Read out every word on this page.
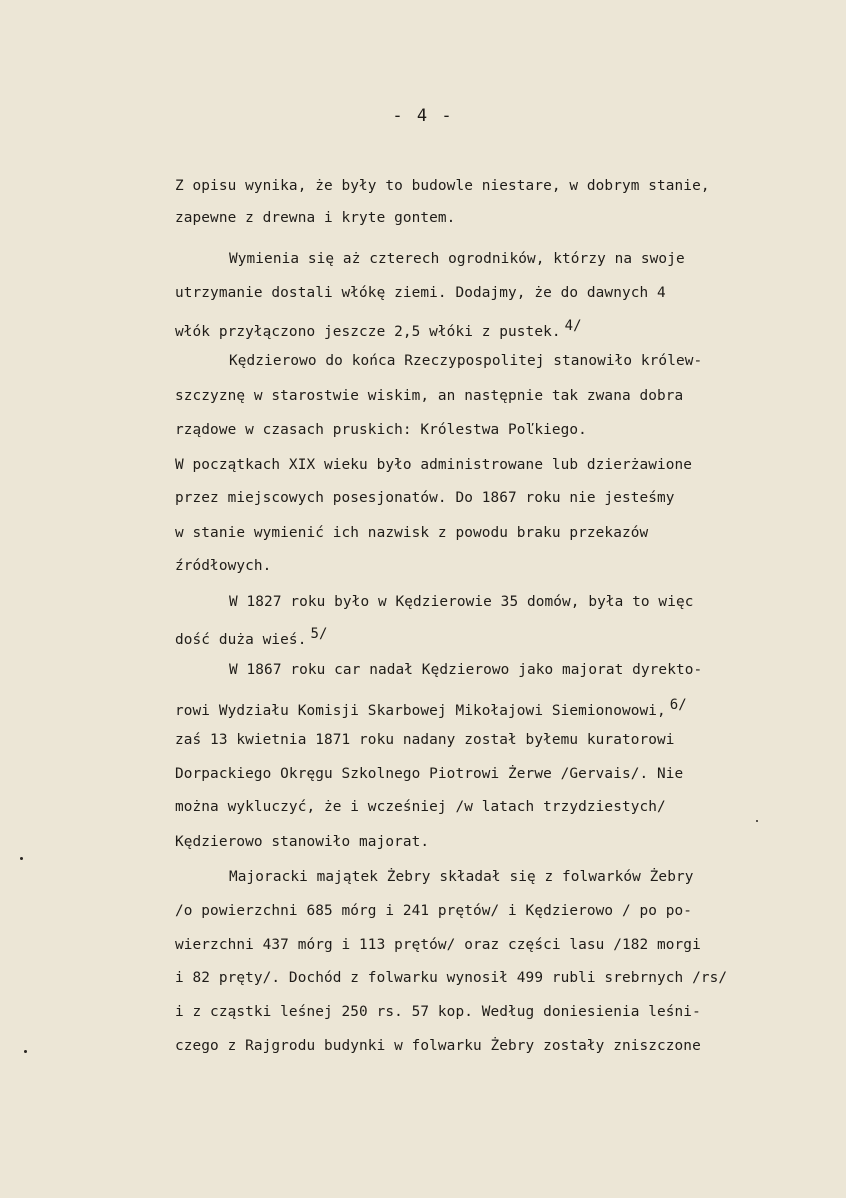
- 4 -
Z opisu wynika, że były to budowle niestare, w dobrym stanie,
zapewne z drewna i kryte gontem.
Wymienia się aż czterech ogrodników, którzy na swoje
utrzymanie dostali włókę ziemi. Dodajmy, że do dawnych 4
włók przyłączono jeszcze 2,5 włóki z pustek. 4/
Kędzierowo do końca Rzeczypospolitej stanowiło królew-
szczyznę w starostwie wiskim, an następnie tak zwana dobra
rządowe w czasach pruskich: Królestwa Poľkiego.
W początkach XIX wieku było administrowane lub dzierżawione
przez miejscowych posesjonatów. Do 1867 roku nie jesteśmy
w stanie wymienić ich nazwisk z powodu braku przekazów
źródłowych.
W 1827 roku było w Kędzierowie 35 domów, była to więc
dość duża wieś. 5/
W 1867 roku car nadał Kędzierowo jako majorat dyrekto-
rowi Wydziału Komisji Skarbowej Mikołajowi Siemionowowi, 6/
zaś 13 kwietnia 1871 roku nadany został byłemu kuratorowi
Dorpackiego Okręgu Szkolnego Piotrowi Żerwe /Gervais/. Nie
można wykluczyć, że i wcześniej /w latach trzydziestych/
Kędzierowo stanowiło majorat.
Majoracki majątek Żebry składał się z folwarków Żebry
/o powierzchni 685 mórg i 241 prętów/ i Kędzierowo / po po-
wierzchni 437 mórg i 113 prętów/ oraz części lasu /182 morgi
i 82 pręty/. Dochód z folwarku wynosił 499 rubli srebrnych /rs/
i z cząstki leśnej 250 rs. 57 kop. Według doniesienia leśni-
czego z Rajgrodu budynki w folwarku Żebry zostały zniszczone
